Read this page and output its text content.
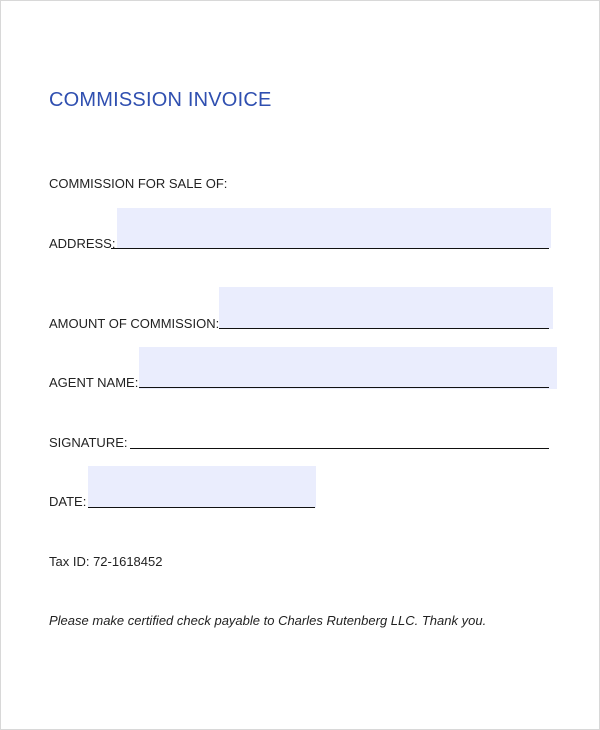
COMMISSION INVOICE
COMMISSION FOR SALE OF:
ADDRESS:
AMOUNT OF COMMISSION:
AGENT NAME:
SIGNATURE:
DATE:
Tax ID: 72-1618452
Please make certified check payable to Charles Rutenberg LLC. Thank you.
